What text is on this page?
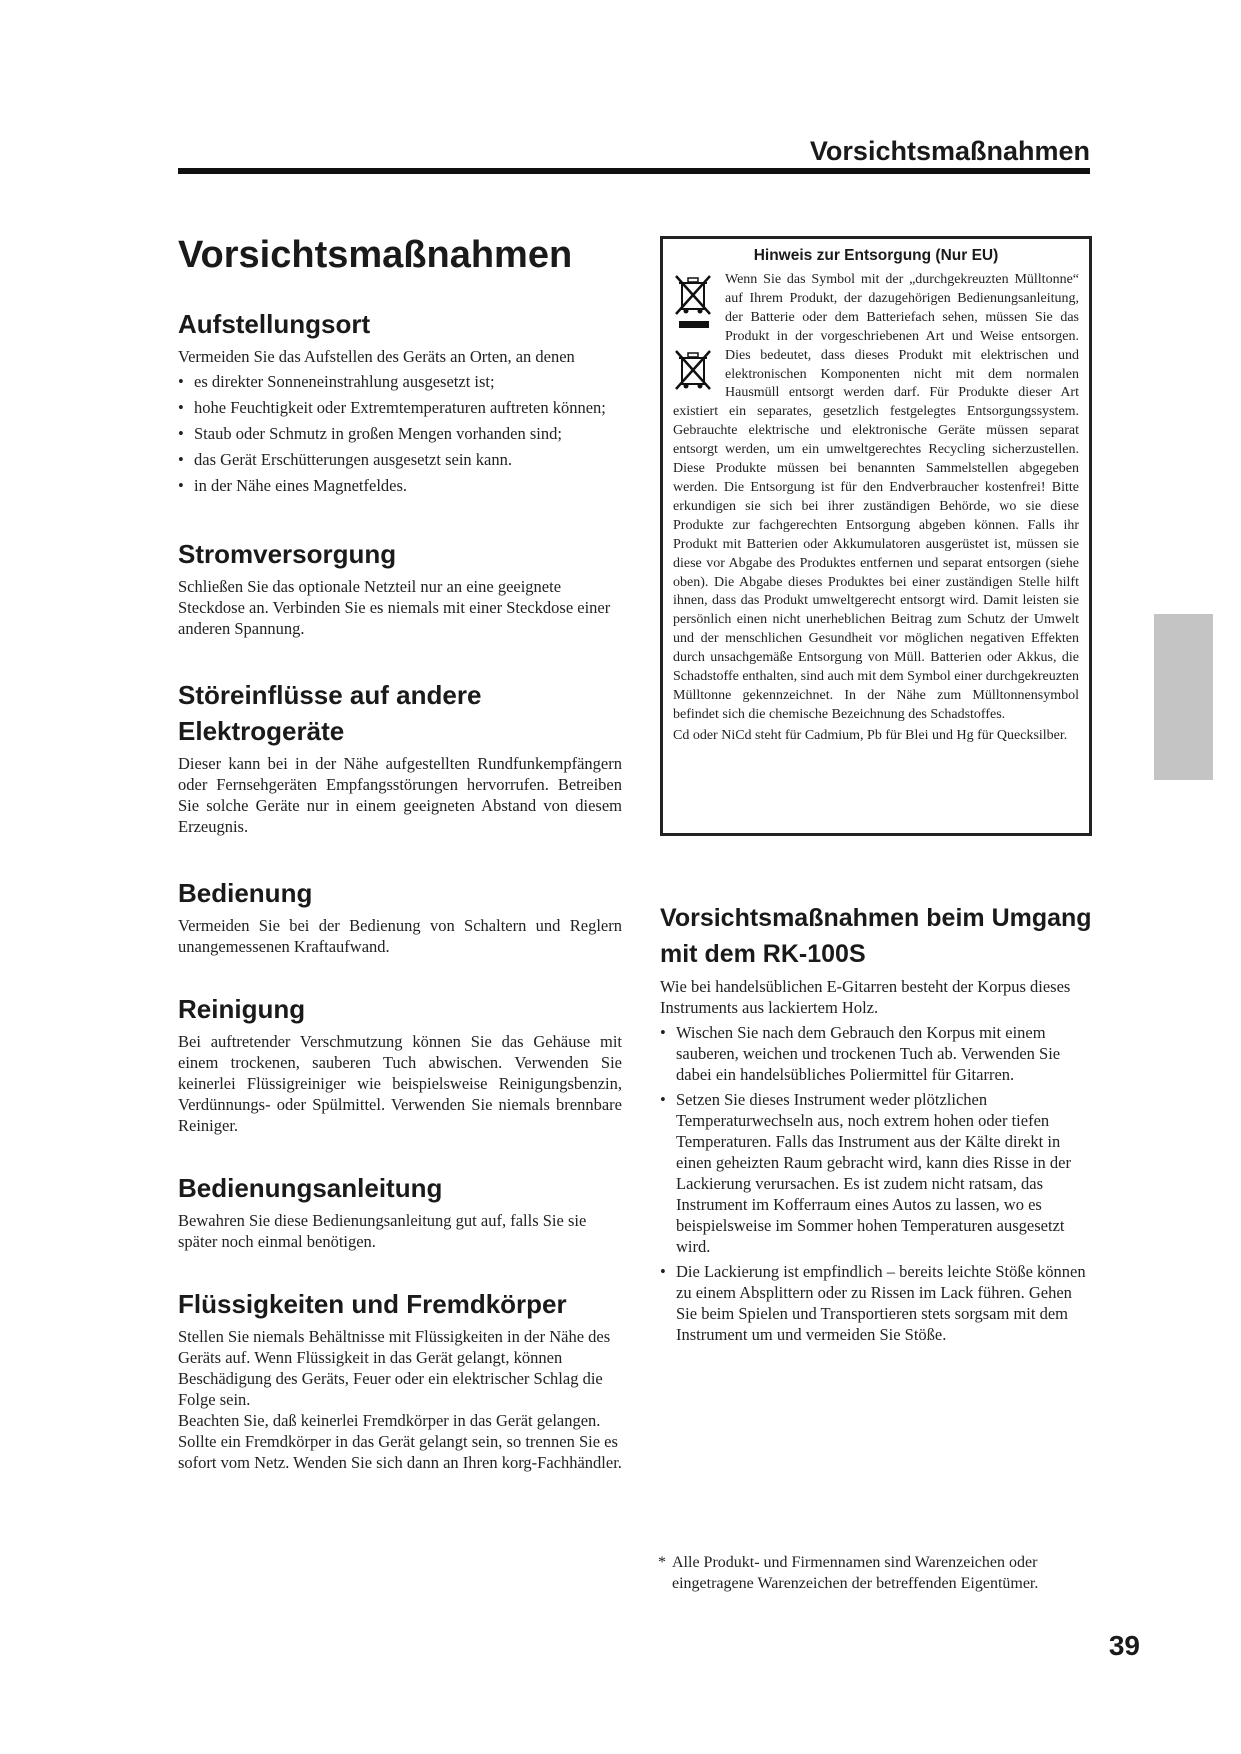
Vorsichtsmaßnahmen
Vorsichtsmaßnahmen
Aufstellungsort

Vermeiden Sie das Aufstellen des Geräts an Orten, an denen

• es direkter Sonneneinstrahlung ausgesetzt ist;
• hohe Feuchtigkeit oder Extremtemperaturen auftreten können;
• Staub oder Schmutz in großen Mengen vorhanden sind;
• das Gerät Erschütterungen ausgesetzt sein kann.
• in der Nähe eines Magnetfeldes.
Stromversorgung

Schließen Sie das optionale Netzteil nur an eine geeignete Steckdose an. Verbinden Sie es niemals mit einer Steckdose einer anderen Spannung.

Störeinflüsse auf andere Elektrogeräte

Dieser kann bei in der Nähe aufgestellten Rundfunkempfängern oder Fernsehgeräten Empfangsstörungen hervorrufen. Betreiben Sie solche Geräte nur in einem geeigneten Abstand von diesem Erzeugnis.

Bedienung

Vermeiden Sie bei der Bedienung von Schaltern und Reglern unangemessenen Kraftaufwand.

Reinigung

Bei auftretender Verschmutzung können Sie das Gehäuse mit einem trockenen, sauberen Tuch abwischen. Verwenden Sie keinerlei Flüssigreiniger wie beispielsweise Reinigungsbenzin, Verdünnungs- oder Spülmittel. Verwenden Sie niemals brennbare Reiniger.

Bedienungsanleitung

Bewahren Sie diese Bedienungsanleitung gut auf, falls Sie sie später noch einmal benötigen.

Flüssigkeiten und Fremdkörper

Stellen Sie niemals Behältnisse mit Flüssigkeiten in der Nähe des Geräts auf. Wenn Flüssigkeit in das Gerät gelangt, können Beschädigung des Geräts, Feuer oder ein elektrischer Schlag die Folge sein.

Beachten Sie, daß keinerlei Fremdkörper in das Gerät gelangen. Sollte ein Fremdkörper in das Gerät gelangt sein, so trennen Sie es sofort vom Netz. Wenden Sie sich dann an Ihren korg-Fachhändler.

Hinweis zur Entsorgung (Nur EU)

Wenn Sie das Symbol mit der „durchgekreuzten Mülltonne“ auf Ihrem Produkt, der dazugehörigen Bedienungsanleitung, der Batterie oder dem Batteriefach sehen, müssen Sie das Produkt in der vorgeschriebenen Art und Weise entsorgen. Dies bedeutet, dass dieses Produkt mit elektrischen und elektronischen Komponenten nicht mit dem normalen Hausmüll entsorgt werden darf. Für Produkte dieser Art existiert ein separates, gesetzlich festgelegtes Entsorgungssystem. Gebrauchte elektrische und elektronische Geräte müssen separat entsorgt werden, um ein umweltgerechtes Recycling sicherzustellen. Diese Produkte müssen bei benannten Sammelstellen abgegeben werden. Die Entsorgung ist für den Endverbraucher kostenfrei! Bitte erkundigen sie sich bei ihrer zuständigen Behörde, wo sie diese Produkte zur fachgerechten Entsorgung abgeben können. Falls ihr Produkt mit Batterien oder Akkumulatoren ausgerüstet ist, müssen sie diese vor Abgabe des Produktes entfernen und separat entsorgen (siehe oben). Die Abgabe dieses Produktes bei einer zuständigen Stelle hilft ihnen, dass das Produkt umweltgerecht entsorgt wird. Damit leisten sie persönlich einen nicht unerheblichen Beitrag zum Schutz der Umwelt und der menschlichen Gesundheit vor möglichen negativen Effekten durch unsachgemäße Entsorgung von Müll. Batterien oder Akkus, die Schadstoffe enthalten, sind auch mit dem Symbol einer durchgekreuzten Mülltonne gekennzeichnet. In der Nähe zum Mülltonnensymbol befindet sich die chemische Bezeichnung des Schadstoffes.

Cd oder NiCd steht für Cadmium, Pb für Blei und Hg für Quecksilber.

Vorsichtsmaßnahmen beim Umgang mit dem RK-100S

Wie bei handelsüblichen E-Gitarren besteht der Korpus dieses Instruments aus lackiertem Holz.

• Wischen Sie nach dem Gebrauch den Korpus mit einem sauberen, weichen und trockenen Tuch ab. Verwenden Sie dabei ein handelsübliches Poliermittel für Gitarren.
• Setzen Sie dieses Instrument weder plötzlichen Temperaturwechseln aus, noch extrem hohen oder tiefen Temperaturen. Falls das Instrument aus der Kälte direkt in einen geheizten Raum gebracht wird, kann dies Risse in der Lackierung verursachen. Es ist zudem nicht ratsam, das Instrument im Kofferraum eines Autos zu lassen, wo es beispielsweise im Sommer hohen Temperaturen ausgesetzt wird.
• Die Lackierung ist empfindlich – bereits leichte Stöße können zu einem Absplittern oder zu Rissen im Lack führen. Gehen Sie beim Spielen und Transportieren stets sorgsam mit dem Instrument um und vermeiden Sie Stöße.
* Alle Produkt- und Firmennamen sind Warenzeichen oder eingetragene Warenzeichen der betreffenden Eigentümer.
39
